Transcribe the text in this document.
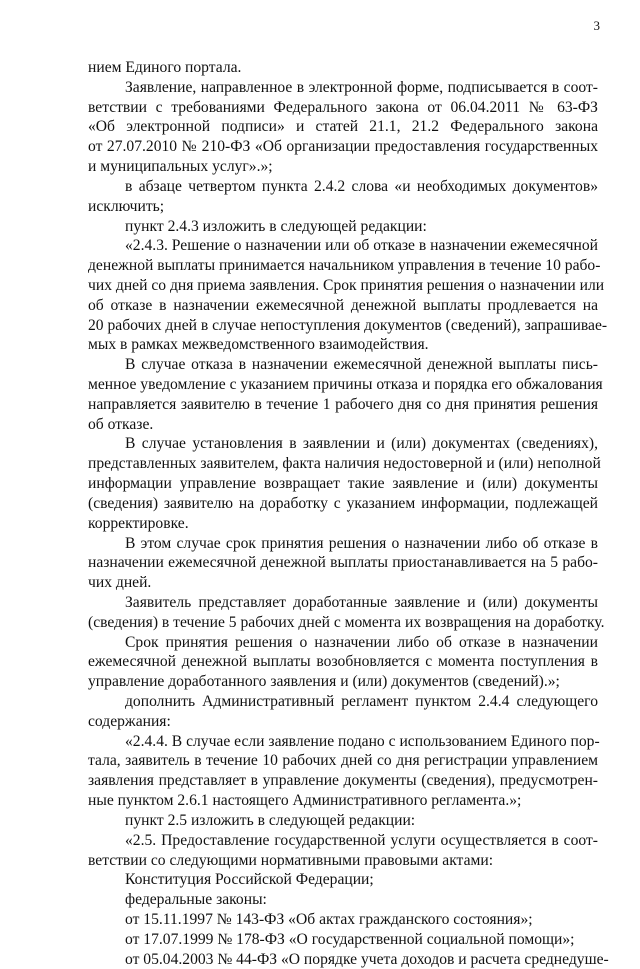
3
нием Единого портала.
Заявление, направленное в электронной форме, подписывается в соот-
ветствии с требованиями Федерального закона от 06.04.2011 № 63-ФЗ
«Об электронной подписи» и статей 21.1, 21.2 Федерального закона
от 27.07.2010 № 210-ФЗ «Об организации предоставления государственных
и муниципальных услуг».»;
в абзаце четвертом пункта 2.4.2 слова «и необходимых документов»
исключить;
пункт 2.4.3 изложить в следующей редакции:
«2.4.3. Решение о назначении или об отказе в назначении ежемесячной
денежной выплаты принимается начальником управления в течение 10 рабо-
чих дней со дня приема заявления. Срок принятия решения о назначении или
об отказе в назначении ежемесячной денежной выплаты продлевается на
20 рабочих дней в случае непоступления документов (сведений), запрашивае-
мых в рамках межведомственного взаимодействия.
В случае отказа в назначении ежемесячной денежной выплаты пись-
менное уведомление с указанием причины отказа и порядка его обжалования
направляется заявителю в течение 1 рабочего дня со дня принятия решения
об отказе.
В случае установления в заявлении и (или) документах (сведениях),
представленных заявителем, факта наличия недостоверной и (или) неполной
информации управление возвращает такие заявление и (или) документы
(сведения) заявителю на доработку с указанием информации, подлежащей
корректировке.
В этом случае срок принятия решения о назначении либо об отказе в
назначении ежемесячной денежной выплаты приостанавливается на 5 рабо-
чих дней.
Заявитель представляет доработанные заявление и (или) документы
(сведения) в течение 5 рабочих дней с момента их возвращения на доработку.
Срок принятия решения о назначении либо об отказе в назначении
ежемесячной денежной выплаты возобновляется с момента поступления в
управление доработанного заявления и (или) документов (сведений).»;
дополнить Административный регламент пунктом 2.4.4 следующего
содержания:
«2.4.4. В случае если заявление подано с использованием Единого пор-
тала, заявитель в течение 10 рабочих дней со дня регистрации управлением
заявления представляет в управление документы (сведения), предусмотрен-
ные пунктом 2.6.1 настоящего Административного регламента.»;
пункт 2.5 изложить в следующей редакции:
«2.5. Предоставление государственной услуги осуществляется в соот-
ветствии со следующими нормативными правовыми актами:
Конституция Российской Федерации;
федеральные законы:
от 15.11.1997 № 143-ФЗ «Об актах гражданского состояния»;
от 17.07.1999 № 178-ФЗ «О государственной социальной помощи»;
от 05.04.2003 № 44-ФЗ «О порядке учета доходов и расчета среднедуше-
